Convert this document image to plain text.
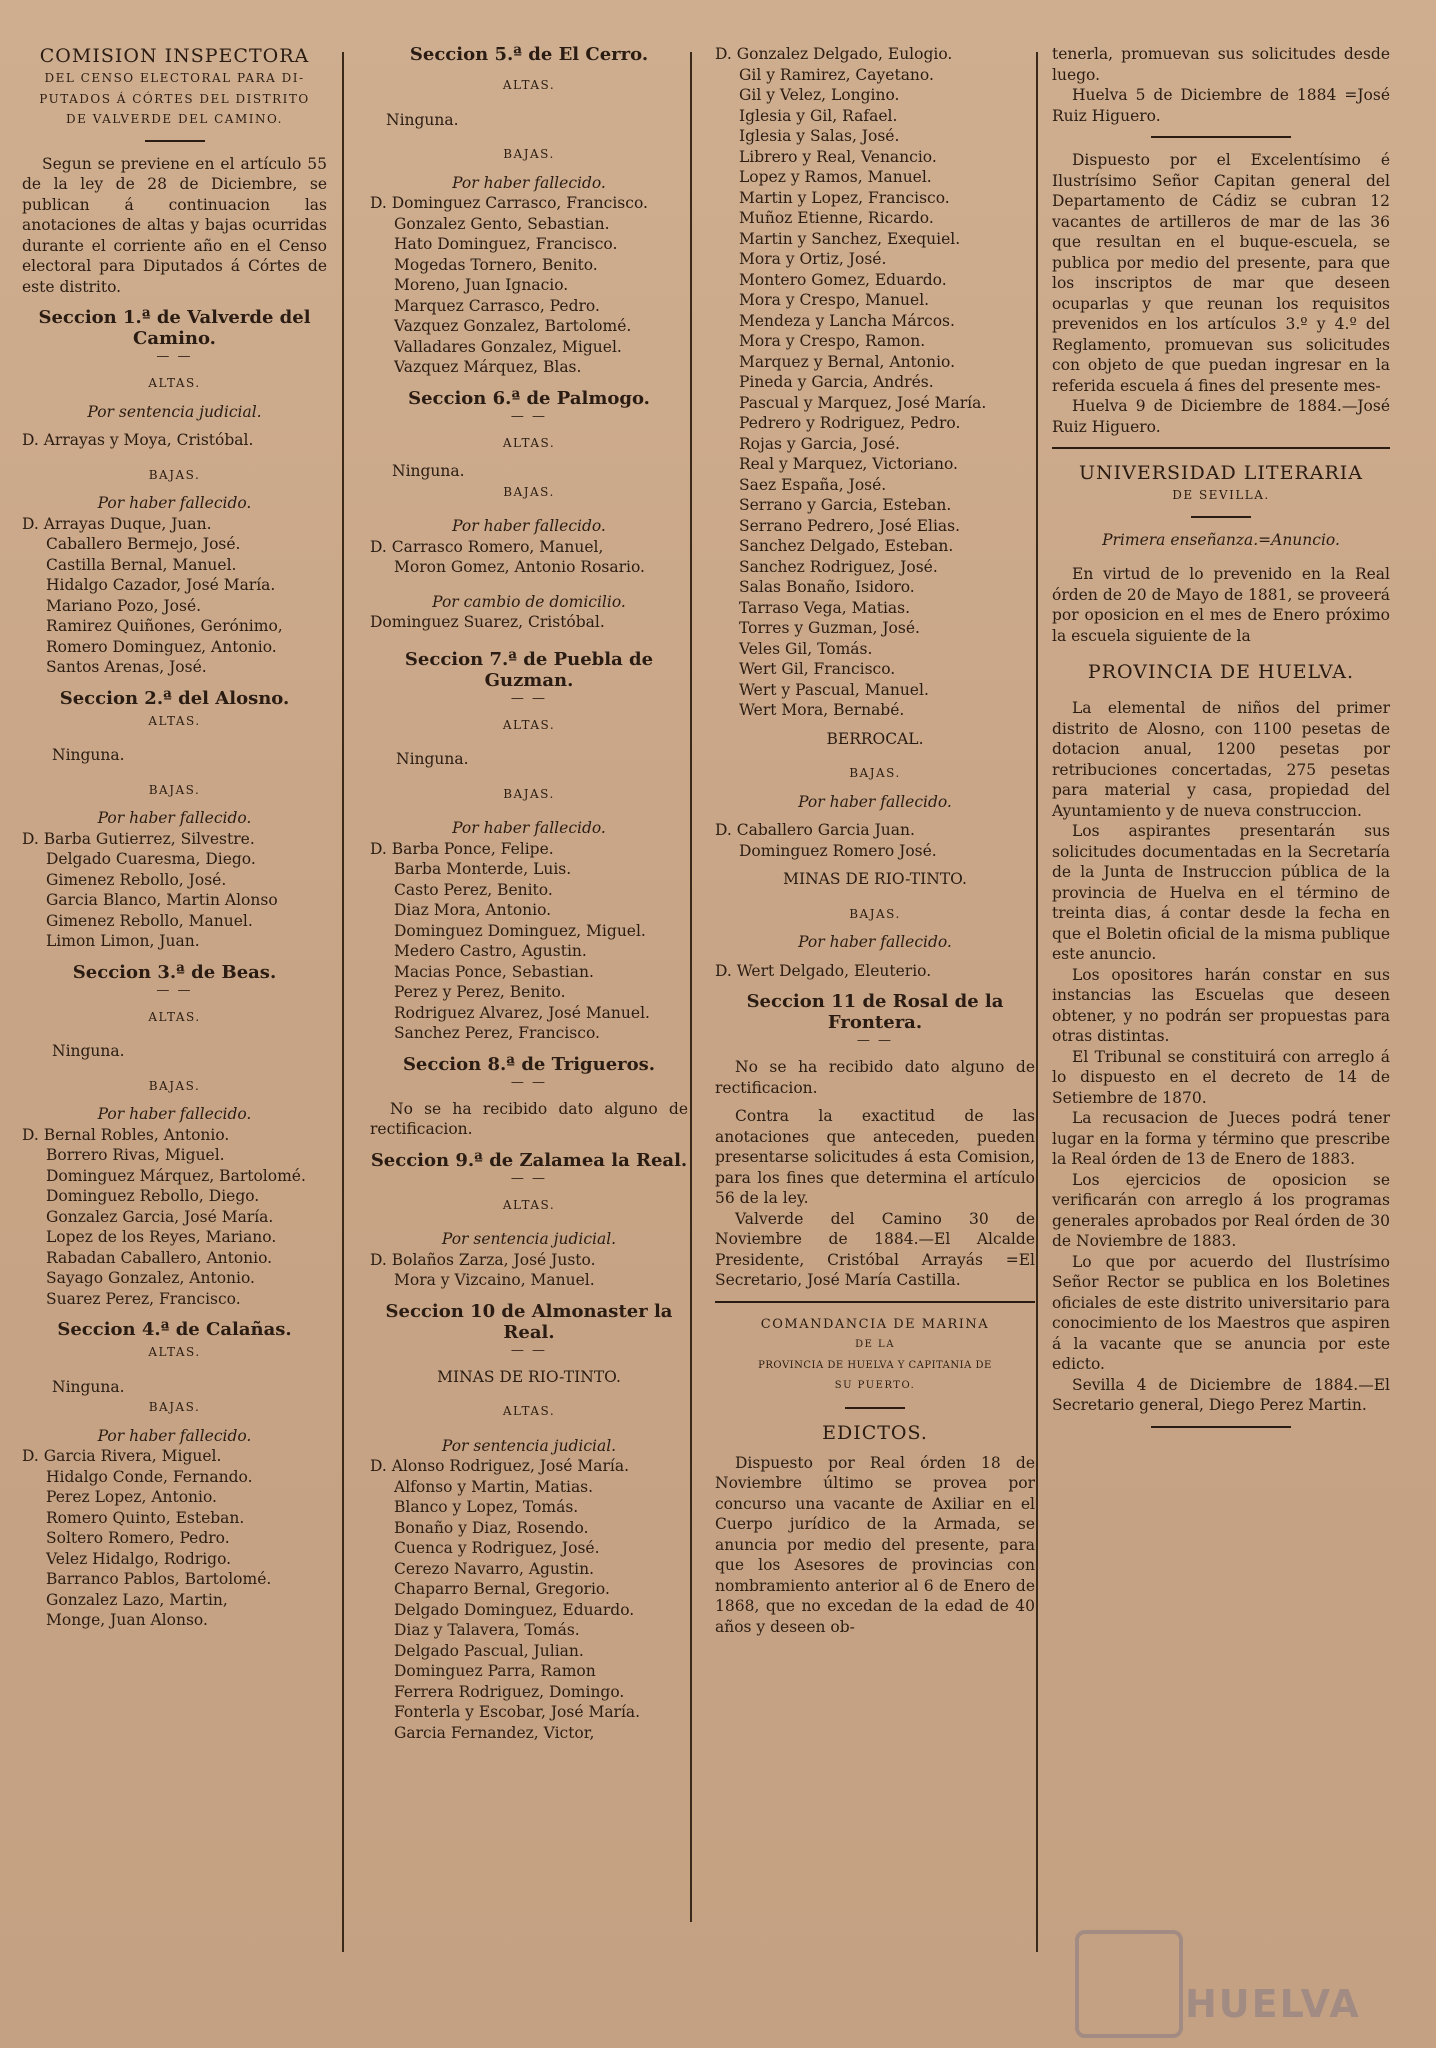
COMISION INSPECTORA
DEL CENSO ELECTORAL PARA DI-
PUTADOS Á CÓRTES DEL DISTRITO
DE VALVERDE DEL CAMINO.
Segun se previene en el artículo 55 de la ley de 28 de Diciembre, se publican á continuacion las anotaciones de altas y bajas ocurridas durante el corriente año en el Censo electoral para Diputados á Córtes de este distrito.
Seccion 1.ª de Valverde del Camino.
— —
ALTAS.
Por sentencia judicial.
D. Arrayas y Moya, Cristóbal.
BAJAS.
Por haber fallecido.
D. Arrayas Duque, Juan.
Caballero Bermejo, José.
Castilla Bernal, Manuel.
Hidalgo Cazador, José María.
Mariano Pozo, José.
Ramirez Quiñones, Gerónimo,
Romero Dominguez, Antonio.
Santos Arenas, José.
Seccion 2.ª del Alosno.
ALTAS.
Ninguna.
BAJAS.
Por haber fallecido.
D. Barba Gutierrez, Silvestre.
Delgado Cuaresma, Diego.
Gimenez Rebollo, José.
Garcia Blanco, Martin Alonso
Gimenez Rebollo, Manuel.
Limon Limon, Juan.
Seccion 3.ª de Beas.
— —
ALTAS.
Ninguna.
BAJAS.
Por haber fallecido.
D. Bernal Robles, Antonio.
Borrero Rivas, Miguel.
Dominguez Márquez, Bartolomé.
Dominguez Rebollo, Diego.
Gonzalez Garcia, José María.
Lopez de los Reyes, Mariano.
Rabadan Caballero, Antonio.
Sayago Gonzalez, Antonio.
Suarez Perez, Francisco.
Seccion 4.ª de Calañas.
ALTAS.
Ninguna.
BAJAS.
Por haber fallecido.
D. Garcia Rivera, Miguel.
Hidalgo Conde, Fernando.
Perez Lopez, Antonio.
Romero Quinto, Esteban.
Soltero Romero, Pedro.
Velez Hidalgo, Rodrigo.
Barranco Pablos, Bartolomé.
Gonzalez Lazo, Martin,
Monge, Juan Alonso.
Seccion 5.ª de El Cerro.
ALTAS.
Ninguna.
BAJAS.
Por haber fallecido.
D. Dominguez Carrasco, Francisco.
Gonzalez Gento, Sebastian.
Hato Dominguez, Francisco.
Mogedas Tornero, Benito.
Moreno, Juan Ignacio.
Marquez Carrasco, Pedro.
Vazquez Gonzalez, Bartolomé.
Valladares Gonzalez, Miguel.
Vazquez Márquez, Blas.
Seccion 6.ª de Palmogo.
— —
ALTAS.
Ninguna.
BAJAS.
Por haber fallecido.
D. Carrasco Romero, Manuel,
Moron Gomez, Antonio Rosario.
Por cambio de domicilio.
Dominguez Suarez, Cristóbal.
Seccion 7.ª de Puebla de Guzman.
— —
ALTAS.
Ninguna.
BAJAS.
Por haber fallecido.
D. Barba Ponce, Felipe.
Barba Monterde, Luis.
Casto Perez, Benito.
Diaz Mora, Antonio.
Dominguez Dominguez, Miguel.
Medero Castro, Agustin.
Macias Ponce, Sebastian.
Perez y Perez, Benito.
Rodriguez Alvarez, José Manuel.
Sanchez Perez, Francisco.
Seccion 8.ª de Trigueros.
— —
No se ha recibido dato alguno de rectificacion.
Seccion 9.ª de Zalamea la Real.
— —
ALTAS.
Por sentencia judicial.
D. Bolaños Zarza, José Justo.
Mora y Vizcaino, Manuel.
Seccion 10 de Almonaster la Real.
— —
MINAS DE RIO-TINTO.
ALTAS.
Por sentencia judicial.
D. Alonso Rodriguez, José María.
Alfonso y Martin, Matias.
Blanco y Lopez, Tomás.
Bonaño y Diaz, Rosendo.
Cuenca y Rodriguez, José.
Cerezo Navarro, Agustin.
Chaparro Bernal, Gregorio.
Delgado Dominguez, Eduardo.
Diaz y Talavera, Tomás.
Delgado Pascual, Julian.
Dominguez Parra, Ramon
Ferrera Rodriguez, Domingo.
Fonterla y Escobar, José María.
Garcia Fernandez, Victor,
D. Gonzalez Delgado, Eulogio.
Gil y Ramirez, Cayetano.
Gil y Velez, Longino.
Iglesia y Gil, Rafael.
Iglesia y Salas, José.
Librero y Real, Venancio.
Lopez y Ramos, Manuel.
Martin y Lopez, Francisco.
Muñoz Etienne, Ricardo.
Martin y Sanchez, Exequiel.
Mora y Ortiz, José.
Montero Gomez, Eduardo.
Mora y Crespo, Manuel.
Mendeza y Lancha Márcos.
Mora y Crespo, Ramon.
Marquez y Bernal, Antonio.
Pineda y Garcia, Andrés.
Pascual y Marquez, José María.
Pedrero y Rodriguez, Pedro.
Rojas y Garcia, José.
Real y Marquez, Victoriano.
Saez España, José.
Serrano y Garcia, Esteban.
Serrano Pedrero, José Elias.
Sanchez Delgado, Esteban.
Sanchez Rodriguez, José.
Salas Bonaño, Isidoro.
Tarraso Vega, Matias.
Torres y Guzman, José.
Veles Gil, Tomás.
Wert Gil, Francisco.
Wert y Pascual, Manuel.
Wert Mora, Bernabé.
BERROCAL.
BAJAS.
Por haber fallecido.
D. Caballero Garcia Juan.
Dominguez Romero José.
MINAS DE RIO-TINTO.
BAJAS.
Por haber fallecido.
D. Wert Delgado, Eleuterio.
Seccion 11 de Rosal de la Frontera.
— —
No se ha recibido dato alguno de rectificacion.
Contra la exactitud de las anotaciones que anteceden, pueden presentarse solicitudes á esta Comision, para los fines que determina el artículo 56 de la ley.
Valverde del Camino 30 de Noviembre de 1884.—El Alcalde Presidente, Cristóbal Arrayás =El Secretario, José María Castilla.
COMANDANCIA DE MARINA
DE LA
PROVINCIA DE HUELVA Y CAPITANIA DE
SU PUERTO.
EDICTOS.
Dispuesto por Real órden 18 de Noviembre último se provea por concurso una vacante de Axiliar en el Cuerpo jurídico de la Armada, se anuncia por medio del presente, para que los Asesores de provincias con nombramiento anterior al 6 de Enero de 1868, que no excedan de la edad de 40 años y deseen ob-
tenerla, promuevan sus solicitudes desde luego.
Huelva 5 de Diciembre de 1884 =José Ruiz Higuero.
Dispuesto por el Excelentísimo é Ilustrísimo Señor Capitan general del Departamento de Cádiz se cubran 12 vacantes de artilleros de mar de las 36 que resultan en el buque-escuela, se publica por medio del presente, para que los inscriptos de mar que deseen ocuparlas y que reunan los requisitos prevenidos en los artículos 3.º y 4.º del Reglamento, promuevan sus solicitudes con objeto de que puedan ingresar en la referida escuela á fines del presente mes-
Huelva 9 de Diciembre de 1884.—José Ruiz Higuero.
UNIVERSIDAD LITERARIA
DE SEVILLA.
Primera enseñanza.=Anuncio.
En virtud de lo prevenido en la Real órden de 20 de Mayo de 1881, se proveerá por oposicion en el mes de Enero próximo la escuela siguiente de la
PROVINCIA DE HUELVA.
La elemental de niños del primer distrito de Alosno, con 1100 pesetas de dotacion anual, 1200 pesetas por retribuciones concertadas, 275 pesetas para material y casa, propiedad del Ayuntamiento y de nueva construccion.
Los aspirantes presentarán sus solicitudes documentadas en la Secretaría de la Junta de Instruccion pública de la provincia de Huelva en el término de treinta dias, á contar desde la fecha en que el Boletin oficial de la misma publique este anuncio.
Los opositores harán constar en sus instancias las Escuelas que deseen obtener, y no podrán ser propuestas para otras distintas.
El Tribunal se constituirá con arreglo á lo dispuesto en el decreto de 14 de Setiembre de 1870.
La recusacion de Jueces podrá tener lugar en la forma y término que prescribe la Real órden de 13 de Enero de 1883.
Los ejercicios de oposicion se verificarán con arreglo á los programas generales aprobados por Real órden de 30 de Noviembre de 1883.
Lo que por acuerdo del Ilustrísimo Señor Rector se publica en los Boletines oficiales de este distrito universitario para conocimiento de los Maestros que aspiren á la vacante que se anuncia por este edicto.
Sevilla 4 de Diciembre de 1884.—El Secretario general, Diego Perez Martin.
HUELVA
